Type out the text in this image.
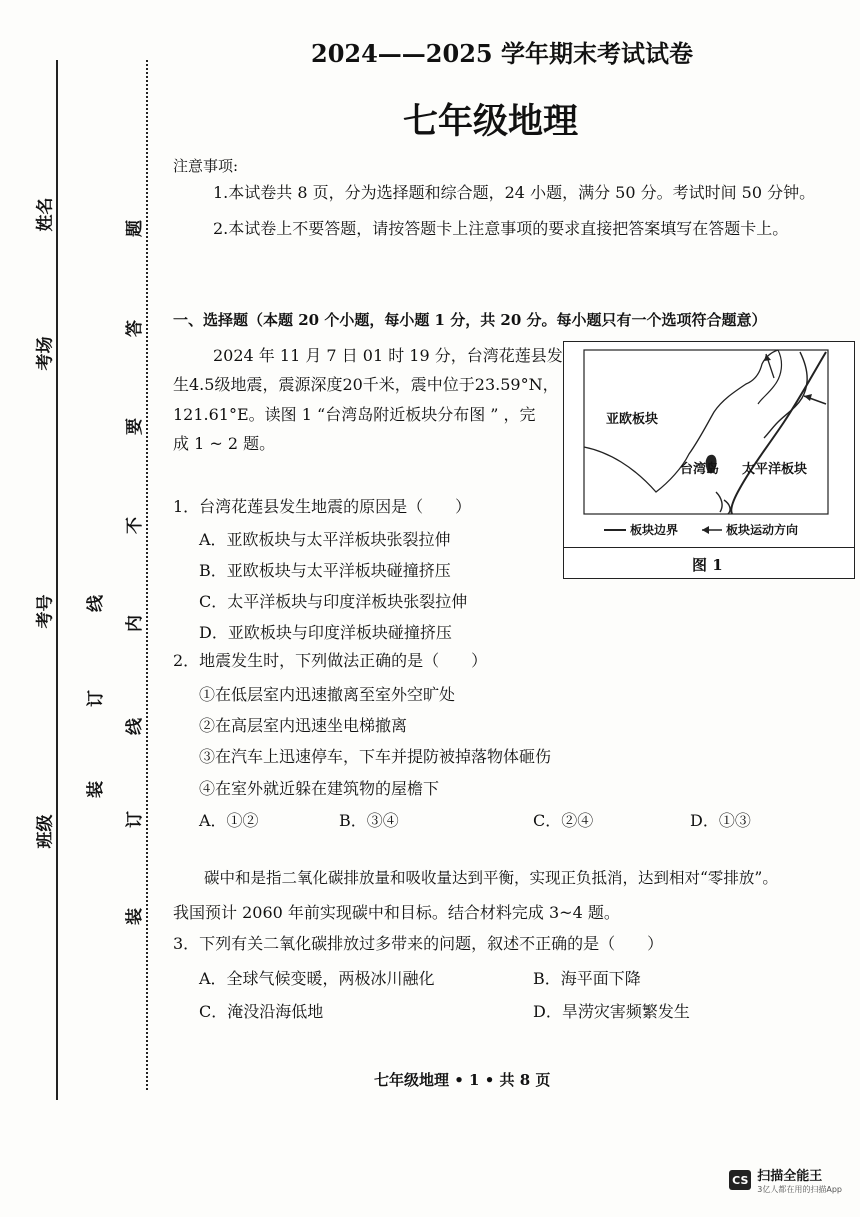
姓名
考场
考号
班级
题
答
要
不
内
线
订
装
线
订
装
2024——2025 学年期末考试试卷
七年级地理
注意事项:
1.本试卷共 8 页，分为选择题和综合题，24 小题，满分 50 分。考试时间 50 分钟。
2.本试卷上不要答题，请按答题卡上注意事项的要求直接把答案填写在答题卡上。
一、选择题（本题 20 个小题，每小题 1 分，共 20 分。每小题只有一个选项符合题意）
2024 年 11 月 7 日 01 时 19 分，台湾花莲县发
生4.5级地震，震源深度20千米，震中位于23.59°N，
121.61°E。读图 1 “台湾岛附近板块分布图 ” ，完
成 1 ~ 2 题。
亚欧板块
台湾岛 太平洋板块
板块边界	板块运动方向
图 1
1．台湾花莲县发生地震的原因是（　　）
A．亚欧板块与太平洋板块张裂拉伸
B．亚欧板块与太平洋板块碰撞挤压
C．太平洋板块与印度洋板块张裂拉伸
D．亚欧板块与印度洋板块碰撞挤压
2．地震发生时，下列做法正确的是（　　）
①在低层室内迅速撤离至室外空旷处
②在高层室内迅速坐电梯撤离
③在汽车上迅速停车，下车并提防被掉落物体砸伤
④在室外就近躲在建筑物的屋檐下
A．①②	B．③④	C．②④	D．①③
碳中和是指二氧化碳排放量和吸收量达到平衡，实现正负抵消，达到相对“零排放”。
我国预计 2060 年前实现碳中和目标。结合材料完成 3~4 题。
3．下列有关二氧化碳排放过多带来的问题，叙述不正确的是（　　）
A．全球气候变暖，两极冰川融化	B．海平面下降
C．淹没沿海低地	D．旱涝灾害频繁发生
七年级地理 • 1 • 共 8 页
CS 扫描全能王
3亿人都在用的扫描App
